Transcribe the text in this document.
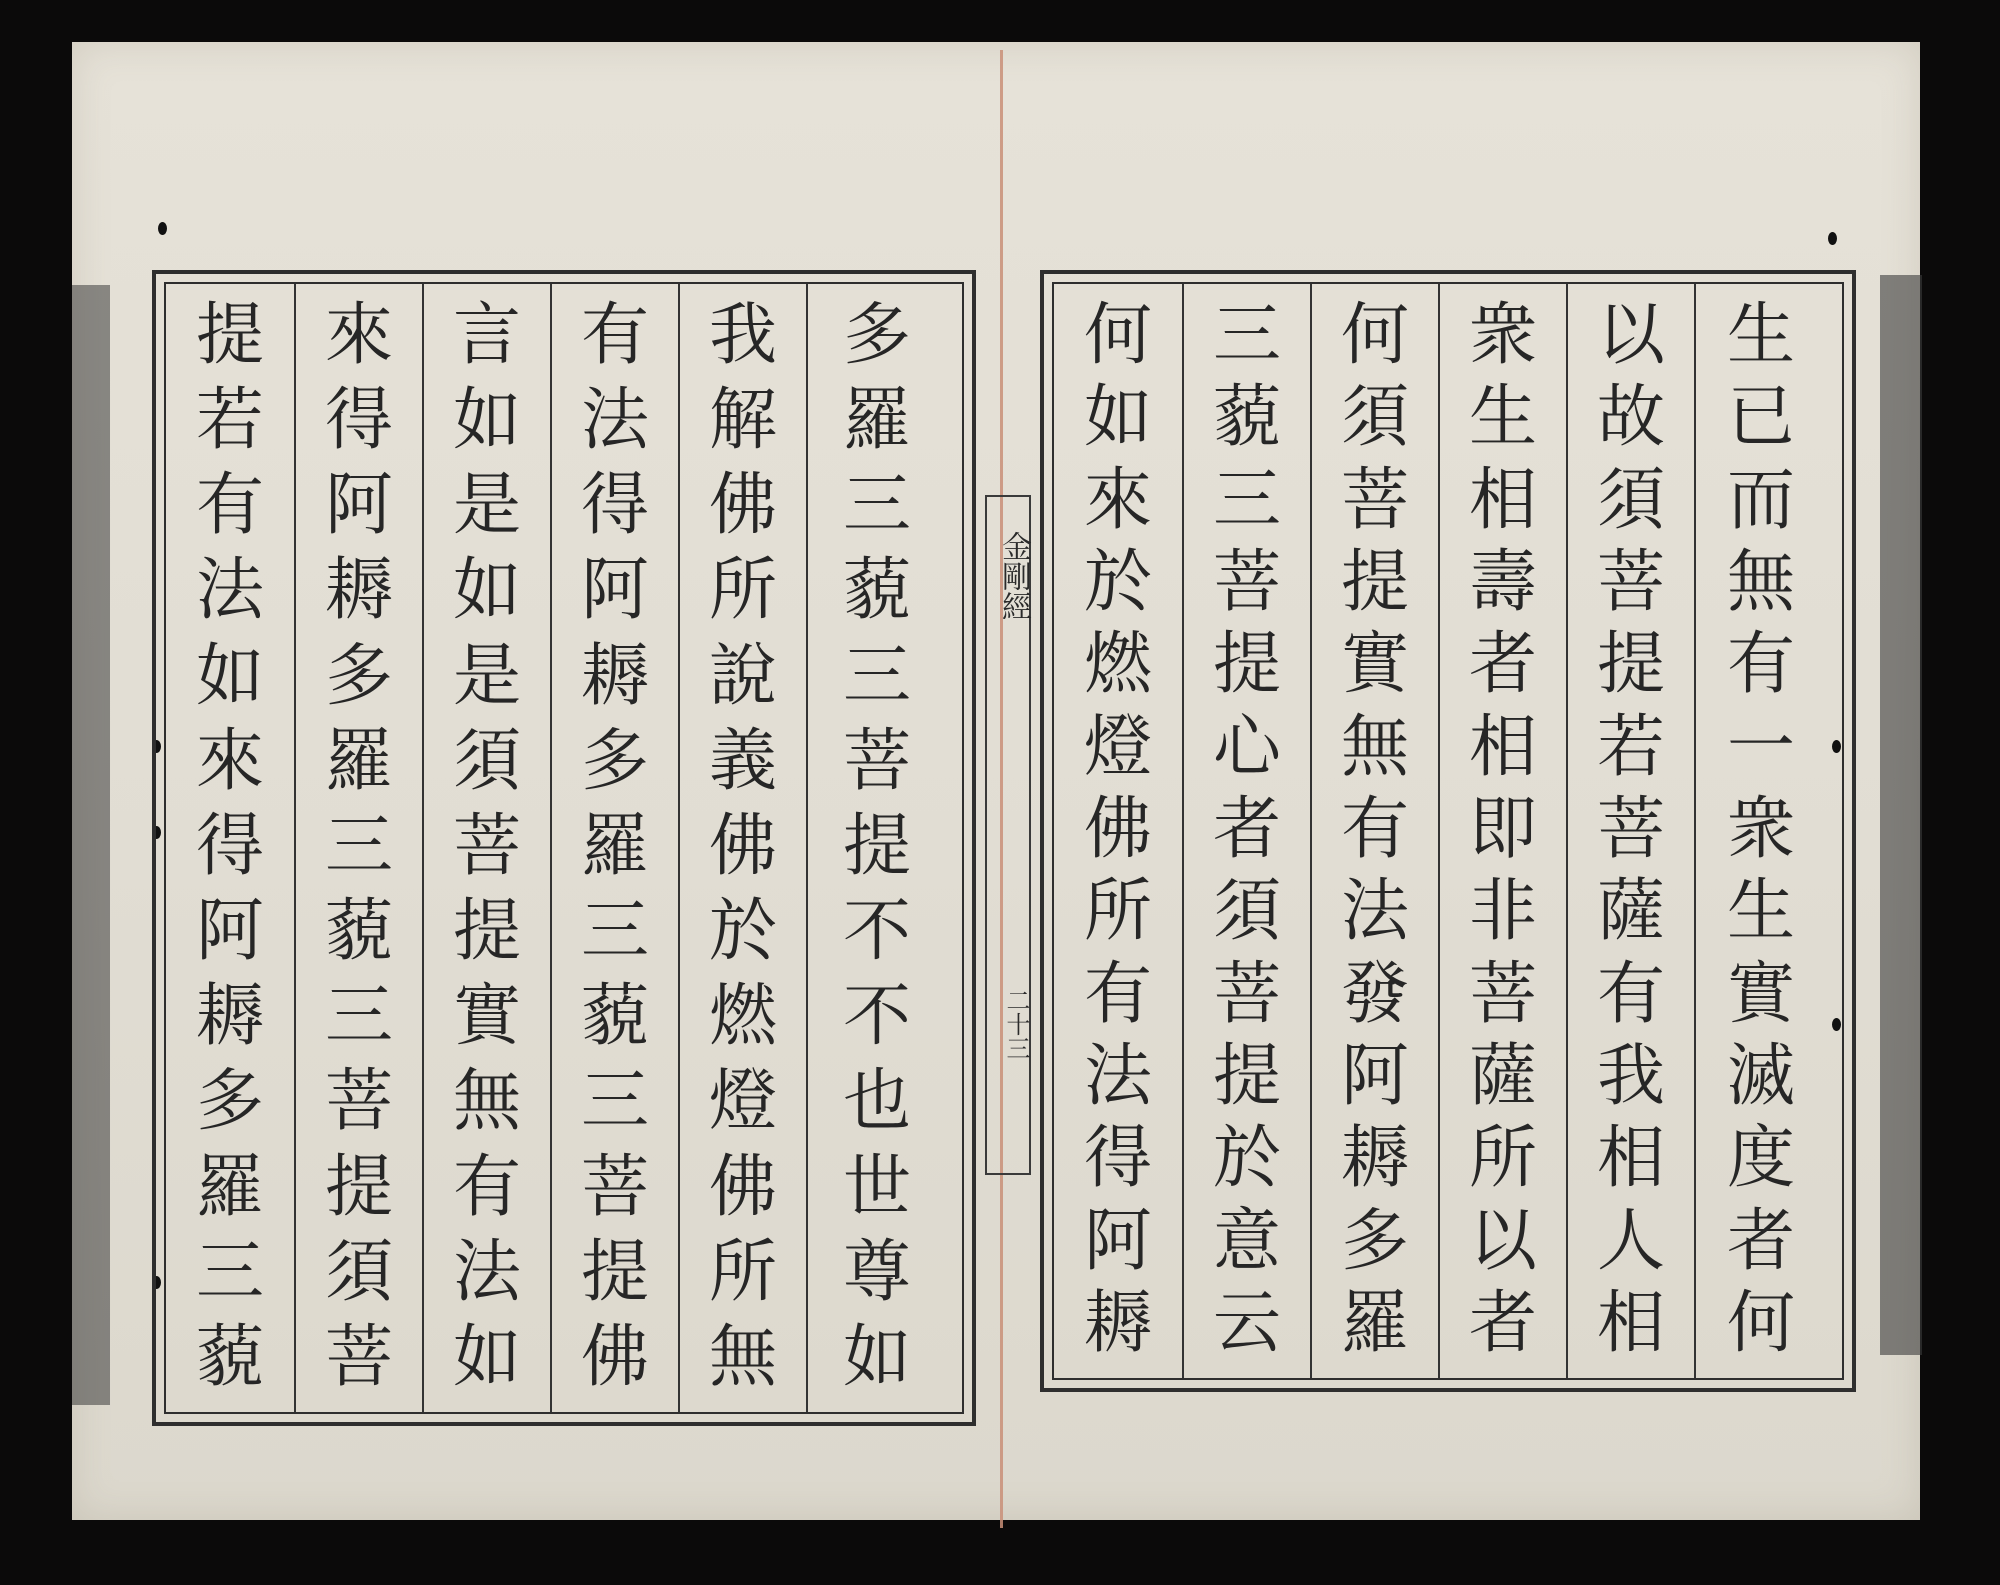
提
若
有
法
如
來
得
阿
耨
多
羅
三
藐
來
得
阿
耨
多
羅
三
藐
三
菩
提
須
菩
言
如
是
如
是
須
菩
提
實
無
有
法
如
有
法
得
阿
耨
多
羅
三
藐
三
菩
提
佛
我
解
佛
所
說
義
佛
於
燃
燈
佛
所
無
多
羅
三
藐
三
菩
提
不
不
也
世
尊
如
何
如
來
於
燃
燈
佛
所
有
法
得
阿
耨
三
藐
三
菩
提
心
者
須
菩
提
於
意
云
何
須
菩
提
實
無
有
法
發
阿
耨
多
羅
衆
生
相
壽
者
相
即
非
菩
薩
所
以
者
以
故
須
菩
提
若
菩
薩
有
我
相
人
相
生
已
而
無
有
一
衆
生
實
滅
度
者
何
金剛經
二十三
